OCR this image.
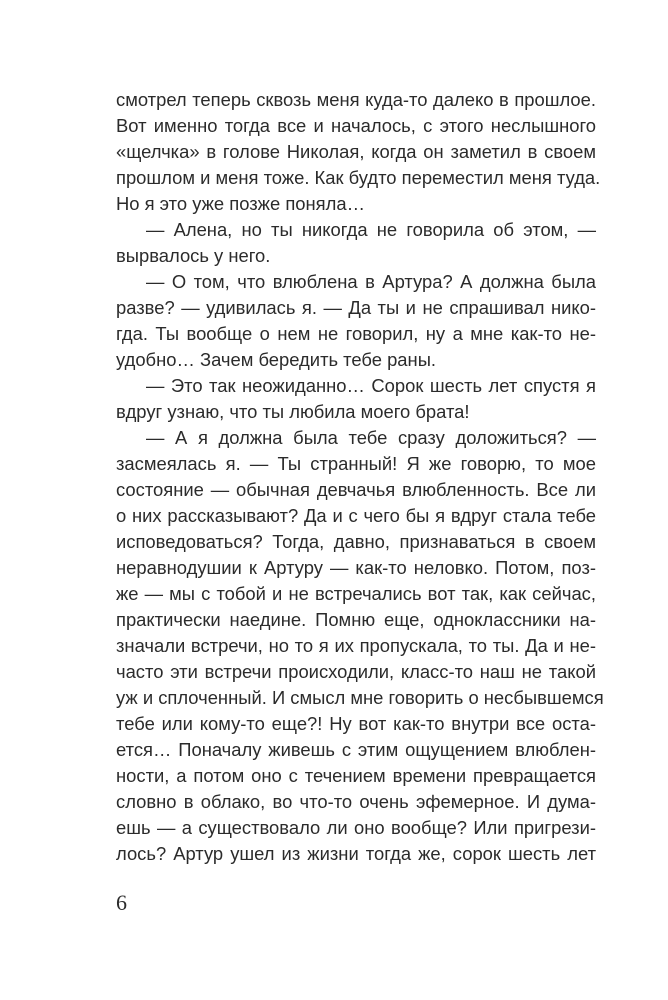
смотрел теперь сквозь меня куда-то далеко в прошлое.
Вот именно тогда все и началось, с этого неслышного
«щелчка» в голове Николая, когда он заметил в своем
прошлом и меня тоже. Как будто переместил меня туда.
Но я это уже позже поняла…
— Алена, но ты никогда не говорила об этом, —
вырвалось у него.
— О том, что влюблена в Артура? А должна была
разве? — удивилась я. — Да ты и не спрашивал нико-
гда. Ты вообще о нем не говорил, ну а мне как-то не-
удобно… Зачем бередить тебе раны.
— Это так неожиданно… Сорок шесть лет спустя я
вдруг узнаю, что ты любила моего брата!
— А я должна была тебе сразу доложиться? —
засмеялась я. — Ты странный! Я же говорю, то мое
состояние — обычная девчачья влюбленность. Все ли
о них рассказывают? Да и с чего бы я вдруг стала тебе
исповедоваться? Тогда, давно, признаваться в своем
неравнодушии к Артуру — как-то неловко. Потом, поз-
же — мы с тобой и не встречались вот так, как сейчас,
практически наедине. Помню еще, одноклассники на-
значали встречи, но то я их пропускала, то ты. Да и не-
часто эти встречи происходили, класс-то наш не такой
уж и сплоченный. И смысл мне говорить о несбывшемся
тебе или кому-то еще?! Ну вот как-то внутри все оста-
ется… Поначалу живешь с этим ощущением влюблен-
ности, а потом оно с течением времени превращается
словно в облако, во что-то очень эфемерное. И дума-
ешь — а существовало ли оно вообще? Или пригрези-
лось? Артур ушел из жизни тогда же, сорок шесть лет
6
